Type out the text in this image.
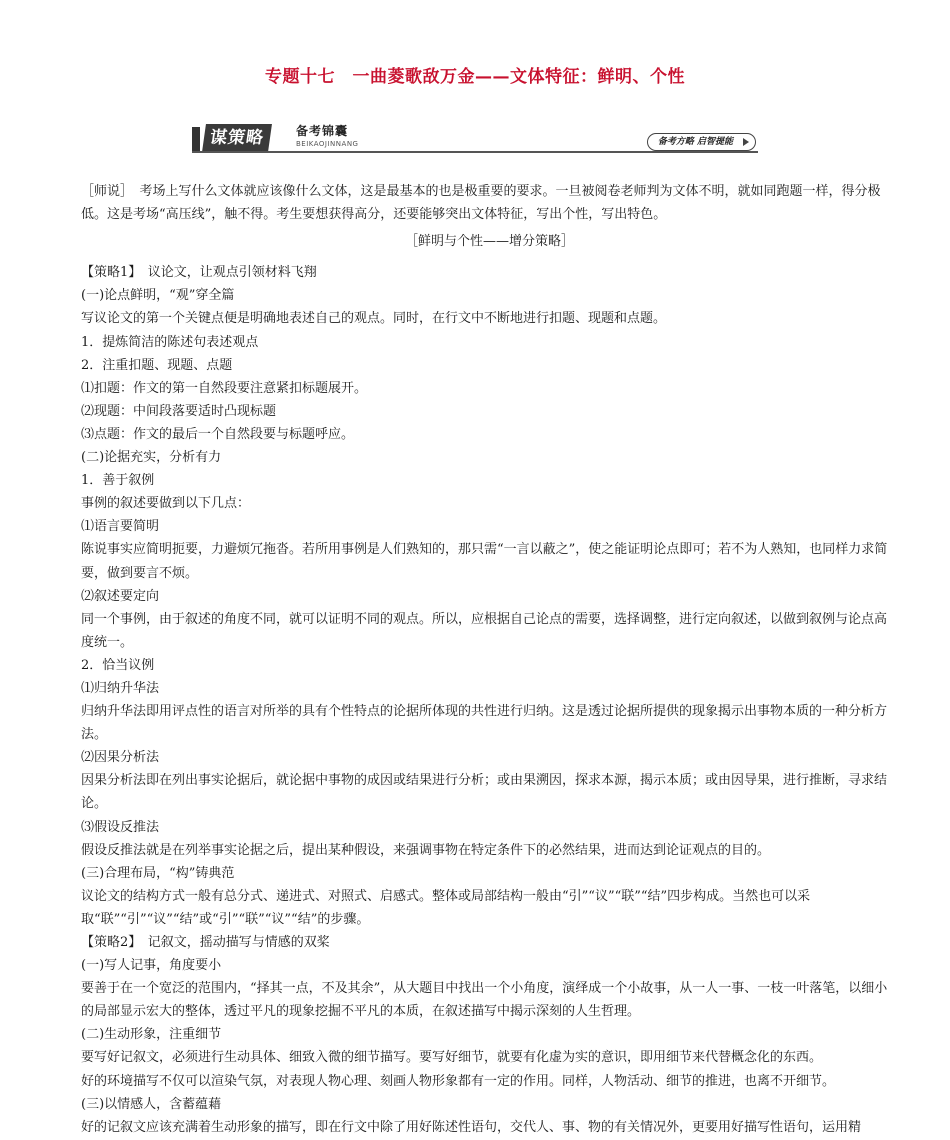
专题十七　一曲菱歌敌万金——文体特征：鲜明、个性
谋策略	备考锦囊
BEIKAOJINNANG	备考方略 启智提能

［师说］　考场上写什么文体就应该像什么文体，这是最基本的也是极重要的要求。一旦被阅卷老师判为文体不明，就如同跑题一样，得分极低。这是考场“高压线”，触不得。考生要想获得高分，还要能够突出文体特征，写出个性，写出特色。

［鲜明与个性——增分策略］

【策略1】　议论文，让观点引领材料飞翔

(一)论点鲜明，“观”穿全篇

写议论文的第一个关键点便是明确地表述自己的观点。同时，在行文中不断地进行扣题、现题和点题。

1．提炼简洁的陈述句表述观点

2．注重扣题、现题、点题

⑴扣题：作文的第一自然段要注意紧扣标题展开。

⑵现题：中间段落要适时凸现标题

⑶点题：作文的最后一个自然段要与标题呼应。

(二)论据充实，分析有力

1．善于叙例

事例的叙述要做到以下几点：

⑴语言要简明

陈说事实应简明扼要，力避烦冗拖沓。若所用事例是人们熟知的，那只需“一言以蔽之”，使之能证明论点即可；若不为人熟知，也同样力求简要，做到要言不烦。

⑵叙述要定向

同一个事例，由于叙述的角度不同，就可以证明不同的观点。所以，应根据自己论点的需要，选择调整，进行定向叙述，以做到叙例与论点高度统一。

2．恰当议例

⑴归纳升华法

归纳升华法即用评点性的语言对所举的具有个性特点的论据所体现的共性进行归纳。这是透过论据所提供的现象揭示出事物本质的一种分析方法。

⑵因果分析法

因果分析法即在列出事实论据后，就论据中事物的成因或结果进行分析；或由果溯因，探求本源，揭示本质；或由因导果，进行推断，寻求结论。

⑶假设反推法

假设反推法就是在列举事实论据之后，提出某种假设，来强调事物在特定条件下的必然结果，进而达到论证观点的目的。

(三)合理布局，“构”铸典范

议论文的结构方式一般有总分式、递进式、对照式、启感式。整体或局部结构一般由“引”“议”“联”“结”四步构成。当然也可以采取“联”“引”“议”“结”或“引”“联”“议”“结”的步骤。

【策略2】　记叙文，摇动描写与情感的双桨

(一)写人记事，角度要小

要善于在一个宽泛的范围内，“择其一点，不及其余”，从大题目中找出一个小角度，演绎成一个小故事，从一人一事、一枝一叶落笔，以细小的局部显示宏大的整体，透过平凡的现象挖掘不平凡的本质，在叙述描写中揭示深刻的人生哲理。

(二)生动形象，注重细节

要写好记叙文，必须进行生动具体、细致入微的细节描写。要写好细节，就要有化虚为实的意识，即用细节来代替概念化的东西。

好的环境描写不仅可以渲染气氛，对表现人物心理、刻画人物形象都有一定的作用。同样，人物活动、细节的推进，也离不开细节。

(三)以情感人，含蓄蕴藉

好的记叙文应该充满着生动形象的描写，即在行文中除了用好陈述性语句，交代人、事、物的有关情况外，更要用好描写性语句，运用精
